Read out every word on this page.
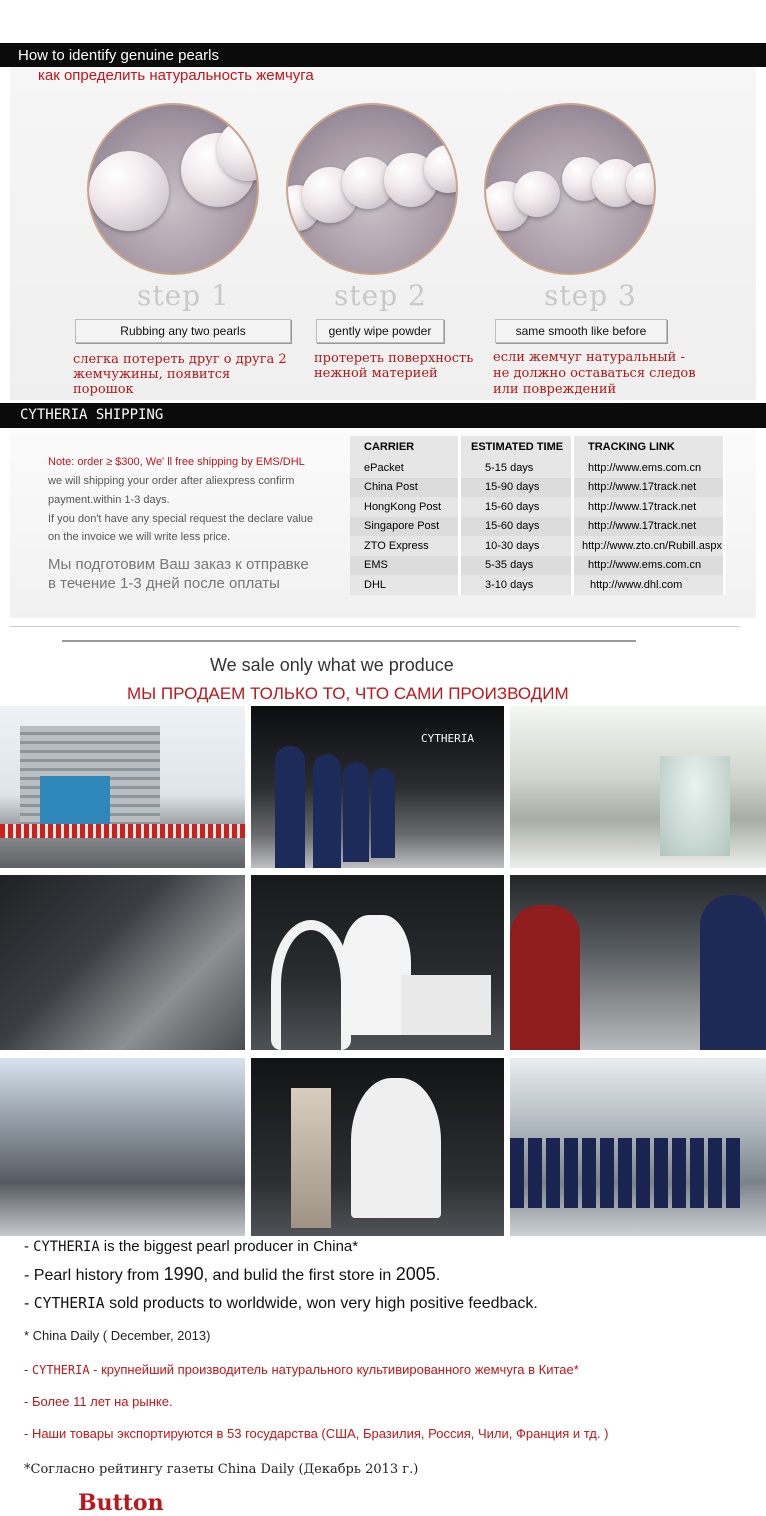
How to identify genuine pearls
как определить натуральность жемчуга
step 1	step 2	step 3
Rubbing any two pearls	gently wipe powder	same smooth like before
слегка потереть друг о друга 2 жемчужины, появится порошок
протереть поверхность нежной материей
если жемчуг натуральный - не должно оставаться следов или повреждений
CYTHERIA SHIPPING
Note: order ≥ $300, We' ll free shipping by EMS/DHL
we will shipping your order after aliexpress confirm
payment.within 1-3 days.
If you don't have any special request the declare value
on the invoice we will write less price.
Мы подготовим Ваш заказ к отправке
в течение 1-3 дней после оплаты
CARRIER	ESTIMATED TIME	TRACKING LINK
ePacket	5-15 days	http://www.ems.com.cn
China Post	15-90 days	http://www.17track.net
HongKong Post	15-60 days	http://www.17track.net
Singapore Post	15-60 days	http://www.17track.net
ZTO Express	10-30 days	http://www.zto.cn/Rubill.aspx
EMS	5-35 days	http://www.ems.com.cn
DHL	3-10 days	http://www.dhl.com
We sale only what we produce
МЫ ПРОДАЕМ ТОЛЬКО ТО, ЧТО САМИ ПРОИЗВОДИМ
CYTHERIA
- CYTHERIA is the biggest pearl producer in China*
- Pearl history from 1990, and bulid the first store in 2005.
- CYTHERIA sold products to worldwide, won very high positive feedback.
* China Daily ( December, 2013)
- CYTHERIA - крупнейший производитель натурального культивированного жемчуга в Китае*
- Более 11 лет на рынке.
- Наши товары экспортируются в 53 государства (США, Бразилия, Россия, Чили, Франция и тд. )
*Согласно рейтингу газеты China Daily (Декабрь 2013 г.)
Button
